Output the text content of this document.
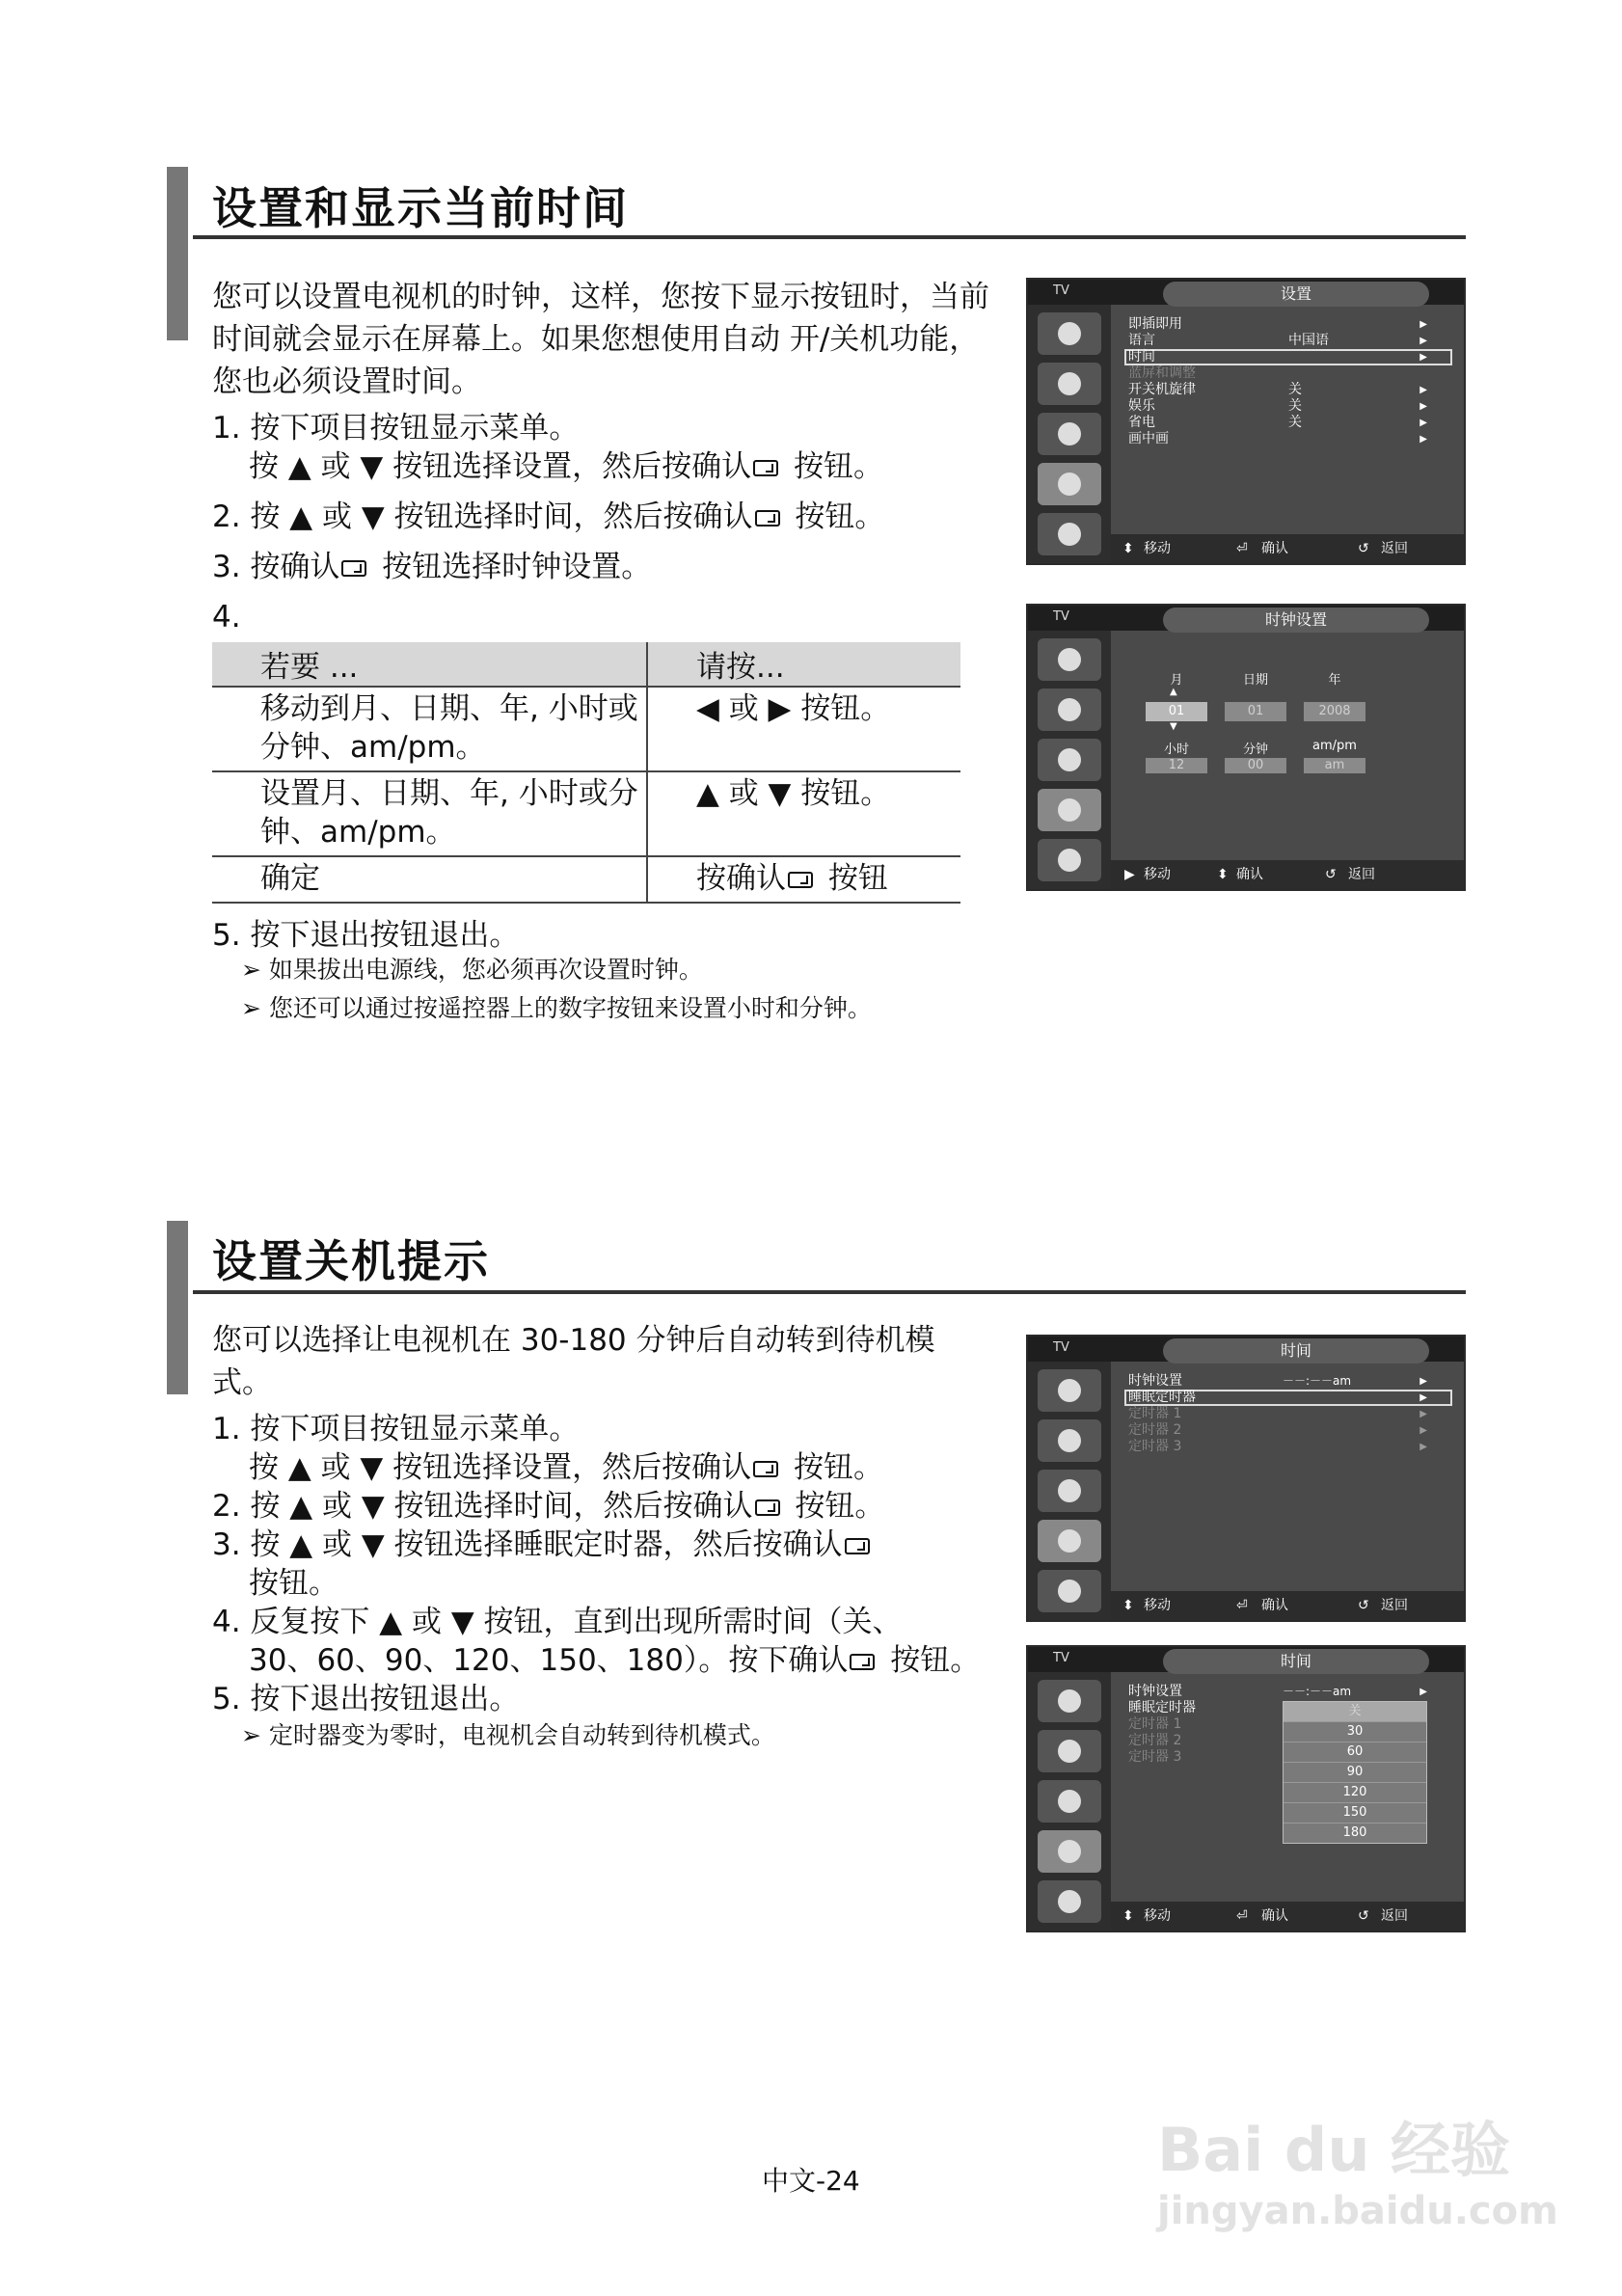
设置和显示当前时间
您可以设置电视机的时钟，这样，您按下显示按钮时，当前时间就会显示在屏幕上。如果您想使用自动 开/关机功能，您也必须设置时间。
1. 按下项目按钮显示菜单。
按 ▲ 或 ▼ 按钮选择设置，然后按确认 按钮。
2. 按 ▲ 或 ▼ 按钮选择时间，然后按确认 按钮。
3. 按确认 按钮选择时钟设置。
4.
若要 ...	请按...
移动到月、日期、年, 小时或分钟、am/pm。	◀ 或 ▶ 按钮。
设置月、日期、年, 小时或分钟、am/pm。	▲ 或 ▼ 按钮。
确定	按确认 按钮
5. 按下退出按钮退出。
➢ 如果拔出电源线，您必须再次设置时钟。
➢ 您还可以通过按遥控器上的数字按钮来设置小时和分钟。
TV	设置
即插即用
语言	中国语
时间
蓝屏和调整
开关机旋律	关
娱乐	关
省电	关
画中画
▶
▶
▶
▶
▶
▶
▶
⬍ 移动	⏎ 确认	↺ 返回
TV	时钟设置
月	日期	年
▲
01	01	2008
▼
小时	分钟	am/pm
12	00	am
▶ 移动	⬍ 确认	↺ 返回
设置关机提示
您可以选择让电视机在 30-180 分钟后自动转到待机模式。
1. 按下项目按钮显示菜单。
按 ▲ 或 ▼ 按钮选择设置，然后按确认 按钮。
2. 按 ▲ 或 ▼ 按钮选择时间，然后按确认 按钮。
3. 按 ▲ 或 ▼ 按钮选择睡眠定时器，然后按确认
按钮。
4. 反复按下 ▲ 或 ▼ 按钮，直到出现所需时间（关、
30、60、90、120、150、180）。按下确认 按钮。
5. 按下退出按钮退出。
➢ 定时器变为零时，电视机会自动转到待机模式。
TV	时间
时钟设置	－－:－－am
睡眠定时器
定时器 1
定时器 2
定时器 3
▶
▶
▶
▶
▶
⬍ 移动	⏎ 确认	↺ 返回
TV	时间
时钟设置	－－:－－am
睡眠定时器
定时器 1
定时器 2
定时器 3
▶
关
30
60
90
120
150
180
⬍ 移动	⏎ 确认	↺ 返回
中文-24	Bai du 经验
jingyan.baidu.com
